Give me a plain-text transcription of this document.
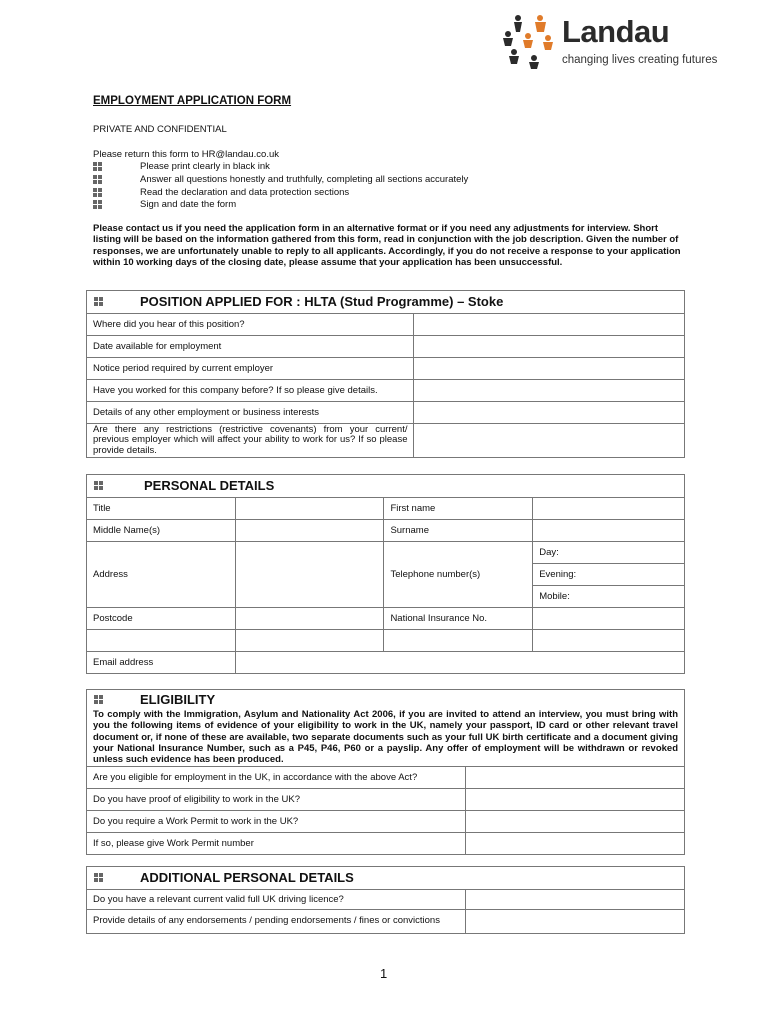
Landau
changing lives creating futures
EMPLOYMENT APPLICATION FORM
PRIVATE AND CONFIDENTIAL
Please return this form to HR@landau.co.uk
Please print clearly in black ink
Answer all questions honestly and truthfully, completing all sections accurately
Read the declaration and data protection sections
Sign and date the form
Please contact us if you need the application form in an alternative format or if you need any adjustments for interview. Short listing will be based on the information gathered from this form, read in conjunction with the job description. Given the number of responses, we are unfortunately unable to reply to all applicants. Accordingly, if you do not receive a response to your application within 10 working days of the closing date, please assume that your application has been unsuccessful.
POSITION APPLIED FOR : HLTA (Stud Programme) – Stoke	

Where did you hear of this position?	
Date available for employment	
Notice period required by current employer	
Have you worked for this company before? If so please give details.	
Details of any other employment or business interests	
Are there any restrictions (restrictive covenants) from your current/ previous employer which will affect your ability to work for us? If so please provide details.	
PERSONAL DETAILS			

Title		First name	
Middle Name(s)		Surname	
Address		Telephone number(s)	Day:
			Evening:
			Mobile:
Postcode		National Insurance No.	

Email address			
ELIGIBILITY
To comply with the Immigration, Asylum and Nationality Act 2006, if you are invited to attend an interview, you must bring with you the following items of evidence of your eligibility to work in the UK, namely your passport, ID card or other relevant travel document or, if none of these are available, two separate documents such as your full UK birth certificate and a document giving your National Insurance Number, such as a P45, P46, P60 or a payslip. Any offer of employment will be withdrawn or revoked unless such evidence has been produced.	

Are you eligible for employment in the UK, in accordance with the above Act?	
Do you have proof of eligibility to work in the UK?	
Do you require a Work Permit to work in the UK?	
If so, please give Work Permit number	
ADDITIONAL PERSONAL DETAILS	

Do you have a relevant current valid full UK driving licence?	
Provide details of any endorsements / pending endorsements / fines or convictions	
1
